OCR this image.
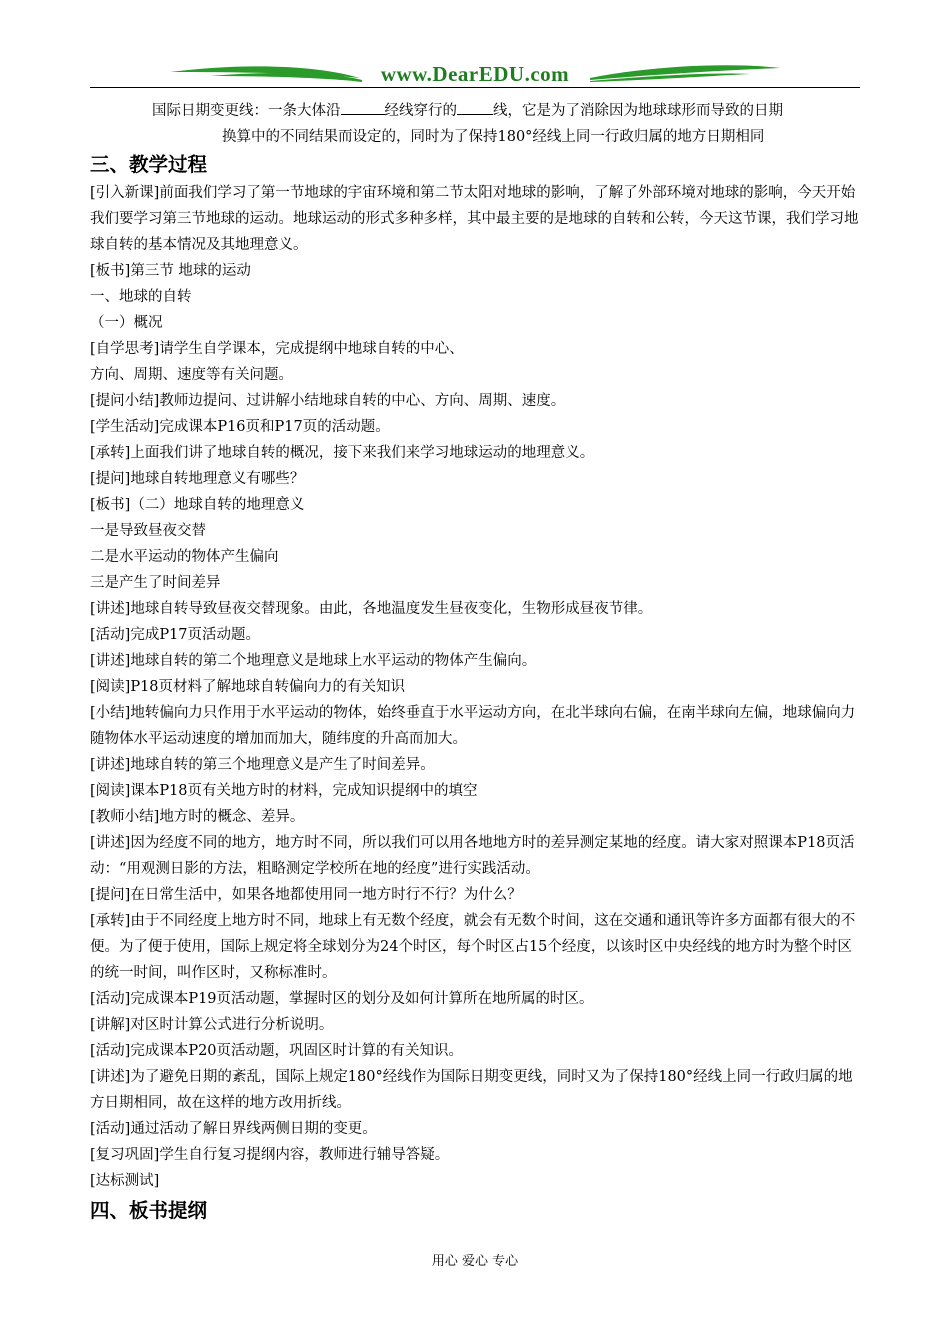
www.DearEDU.com
国际日期变更线：一条大体沿	经线穿行的 线，它是为了消除因为地球球形而导致的日期
换算中的不同结果而设定的，同时为了保持180°经线上同一行政归属的地方日期相同
三、教学过程

[引入新课]前面我们学习了第一节地球的宇宙环境和第二节太阳对地球的影响，了解了外部环境对地球的影响，今天开始我们要学习第三节地球的运动。地球运动的形式多种多样，其中最主要的是地球的自转和公转，今天这节课，我们学习地球自转的基本情况及其地理意义。

[板书]第三节 地球的运动

一、地球的自转

（一）概况

[自学思考]请学生自学课本，完成提纲中地球自转的中心、

方向、周期、速度等有关问题。

[提问小结]教师边提问、过讲解小结地球自转的中心、方向、周期、速度。

[学生活动]完成课本P16页和P17页的活动题。

[承转]上面我们讲了地球自转的概况，接下来我们来学习地球运动的地理意义。

[提问]地球自转地理意义有哪些？

[板书]（二）地球自转的地理意义

一是导致昼夜交替

二是水平运动的物体产生偏向

三是产生了时间差异

[讲述]地球自转导致昼夜交替现象。由此，各地温度发生昼夜变化，生物形成昼夜节律。

[活动]完成P17页活动题。

[讲述]地球自转的第二个地理意义是地球上水平运动的物体产生偏向。

[阅读]P18页材料了解地球自转偏向力的有关知识

[小结]地转偏向力只作用于水平运动的物体，始终垂直于水平运动方向，在北半球向右偏，在南半球向左偏，地球偏向力随物体水平运动速度的增加而加大，随纬度的升高而加大。

[讲述]地球自转的第三个地理意义是产生了时间差异。

[阅读]课本P18页有关地方时的材料，完成知识提纲中的填空

[教师小结]地方时的概念、差异。

[讲述]因为经度不同的地方，地方时不同，所以我们可以用各地地方时的差异测定某地的经度。请大家对照课本P18页活动：“用观测日影的方法，粗略测定学校所在地的经度”进行实践活动。

[提问]在日常生活中，如果各地都使用同一地方时行不行？为什么？

[承转]由于不同经度上地方时不同，地球上有无数个经度，就会有无数个时间，这在交通和通讯等许多方面都有很大的不便。为了便于使用，国际上规定将全球划分为24个时区，每个时区占15个经度，以该时区中央经线的地方时为整个时区的统一时间，叫作区时，又称标准时。

[活动]完成课本P19页活动题，掌握时区的划分及如何计算所在地所属的时区。

[讲解]对区时计算公式进行分析说明。

[活动]完成课本P20页活动题，巩固区时计算的有关知识。

[讲述]为了避免日期的紊乱，国际上规定180°经线作为国际日期变更线，同时又为了保持180°经线上同一行政归属的地方日期相同，故在这样的地方改用折线。

[活动]通过活动了解日界线两侧日期的变更。

[复习巩固]学生自行复习提纲内容，教师进行辅导答疑。

[达标测试]

四、板书提纲
用心 爱心 专心
